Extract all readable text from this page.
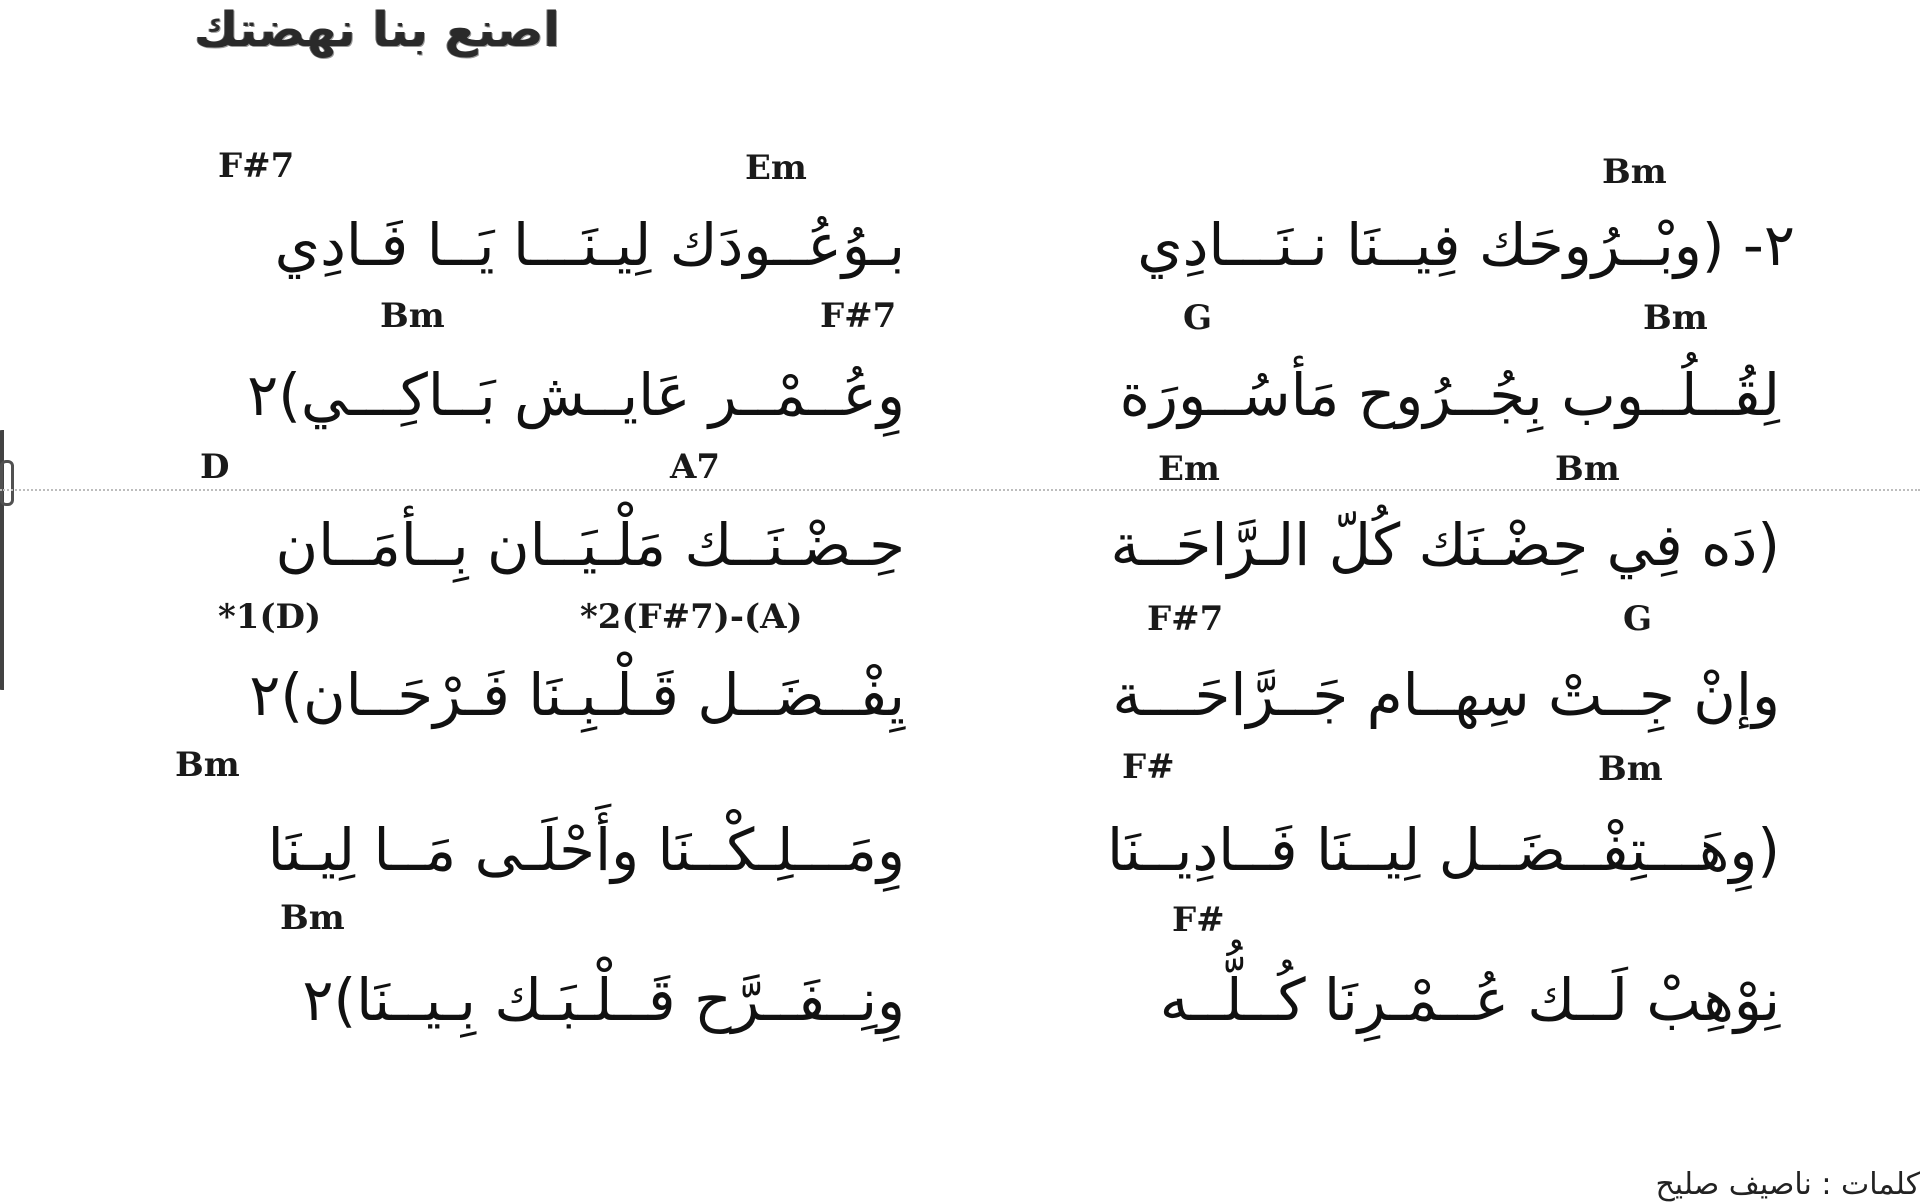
اصنع بنا نهضتك
F#7	Em	Bm
بـوُعُــودَك لِيـنَـــا يَــا فَـادِي	٢- (وبْــرُوحَك فِيــنَا نـنَـــادِي
Bm	F#7	G	Bm
وِعُــمْــر عَايــش بَــاكِـــي)٢	لِقُــلُــوب بِجُــرُوح مَأسُــورَة
D	A7	Em	Bm
حِـضْـنَــك مَلْـيَــان بِــأمَــان	(دَه فِي حِضْـنَك كُلّ الـرَّاحَــة
*1(D)	*2(F#7)-(A)	F#7	G
يِفْــضَــل قَـلْـبِـنَا فَـرْحَــان)٢	وإنْ جِــتْ سِهــام جَــرَّاحَـــة
Bm	F#	Bm
وِمَـــلِـكْــنَا وأَحْلَـى مَــا لِيـنَا	(وِهَـــتِفْــضَــل لِيــنَا فَــادِيــنَا
Bm	F#
وِنِــفَــرَّح قَــلْـبَـك بِـيــنَا)٢	نِوْهِبْ لَــك عُــمْـرِنَا كُــلُّــه
كلمات : ناصيف صليح
